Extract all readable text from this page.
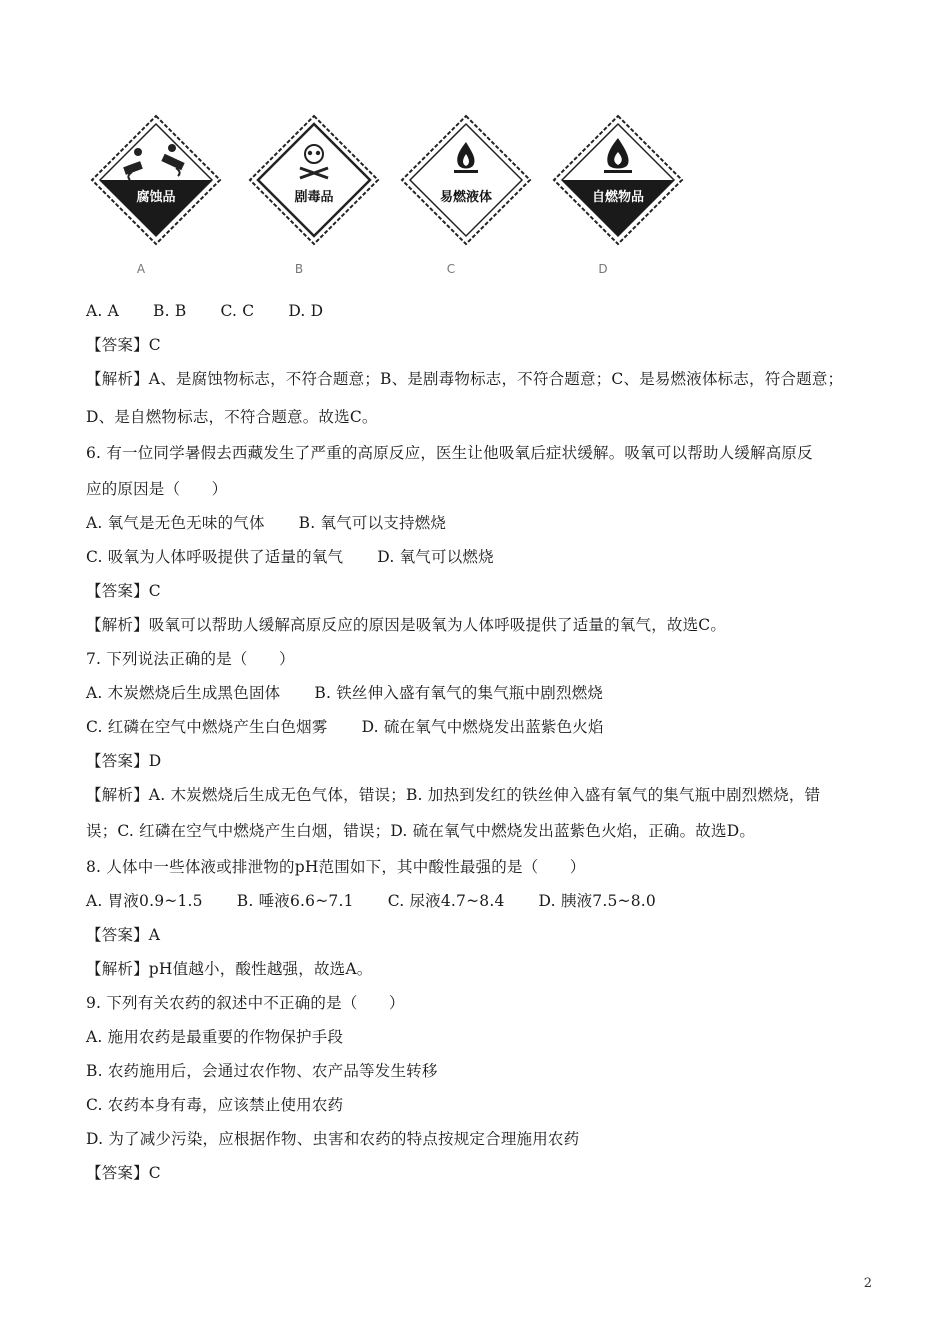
腐蚀品
A
剧毒品
B
易燃液体
C
自燃物品
D
A. A B. B C. C D. D
【答案】C
【解析】A、是腐蚀物标志，不符合题意；B、是剧毒物标志，不符合题意；C、是易燃液体标志，符合题意；
D、是自燃物标志，不符合题意。故选C。
6. 有一位同学暑假去西藏发生了严重的高原反应，医生让他吸氧后症状缓解。吸氧可以帮助人缓解高原反
应的原因是（　　）
A. 氧气是无色无味的气体 B. 氧气可以支持燃烧
C. 吸氧为人体呼吸提供了适量的氧气 D. 氧气可以燃烧
【答案】C
【解析】吸氧可以帮助人缓解高原反应的原因是吸氧为人体呼吸提供了适量的氧气，故选C。
7. 下列说法正确的是（　　）
A. 木炭燃烧后生成黑色固体 B. 铁丝伸入盛有氧气的集气瓶中剧烈燃烧
C. 红磷在空气中燃烧产生白色烟雾 D. 硫在氧气中燃烧发出蓝紫色火焰
【答案】D
【解析】A. 木炭燃烧后生成无色气体，错误；B. 加热到发红的铁丝伸入盛有氧气的集气瓶中剧烈燃烧，错
误；C. 红磷在空气中燃烧产生白烟，错误；D. 硫在氧气中燃烧发出蓝紫色火焰，正确。故选D。
8. 人体中一些体液或排泄物的pH范围如下，其中酸性最强的是（　　）
A. 胃液0.9~1.5 B. 唾液6.6~7.1 C. 尿液4.7~8.4 D. 胰液7.5~8.0
【答案】A
【解析】pH值越小，酸性越强，故选A。
9. 下列有关农药的叙述中不正确的是（　　）
A. 施用农药是最重要的作物保护手段
B. 农药施用后，会通过农作物、农产品等发生转移
C. 农药本身有毒，应该禁止使用农药
D. 为了减少污染，应根据作物、虫害和农药的特点按规定合理施用农药
【答案】C
2
